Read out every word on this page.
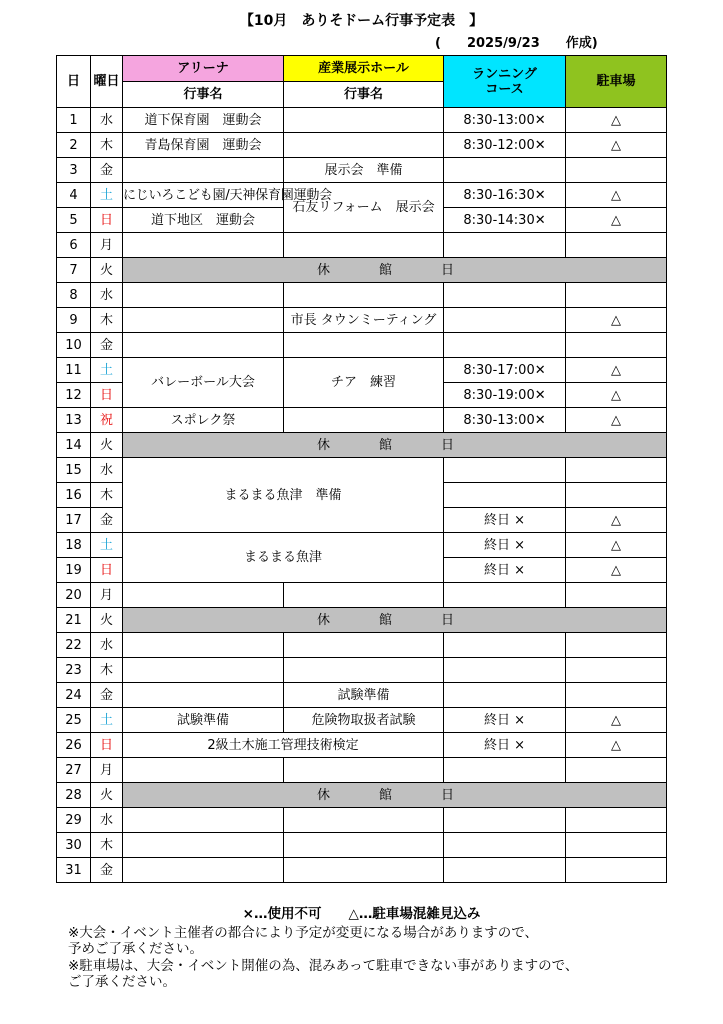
【10月　ありそドーム行事予定表　】
(　　2025/9/23　　作成)
日	曜日	アリーナ	産業展示ホール	ランニング
コース	駐車場
		行事名	行事名		
1	水	道下保育園　運動会		8:30-13:00✕	△
2	木	青島保育園　運動会		8:30-12:00✕	△
3	金		展示会　準備		
4	土	にじいろこども園/天神保育園運動会	石友リフォーム　展示会	8:30-16:30✕	△
5	日	道下地区　運動会		8:30-14:30✕	△
6	月				
7	火	休　館　日			
8	水				
9	木		市長 タウンミーティング		△
10	金				
11	土	バレーボール大会	チア　練習	8:30-17:00✕	△
12	日			8:30-19:00✕	△
13	祝	スポレク祭		8:30-13:00✕	△
14	火	休　館　日			
15	水	まるまる魚津　準備			
16	木				
17	金			終日 ×	△
18	土	まるまる魚津		終日 ×	△
19	日			終日 ×	△
20	月				
21	火	休　館　日			
22	水				
23	木				
24	金		試験準備		
25	土	試験準備	危険物取扱者試験	終日 ×	△
26	日	2級土木施工管理技術検定		終日 ×	△
27	月				
28	火	休　館　日			
29	水				
30	木				
31	金				
×…使用不可　　△…駐車場混雑見込み
※大会・イベント主催者の都合により予定が変更になる場合がありますので、
予めご了承ください。
※駐車場は、大会・イベント開催の為、混みあって駐車できない事がありますので、
ご了承ください。
